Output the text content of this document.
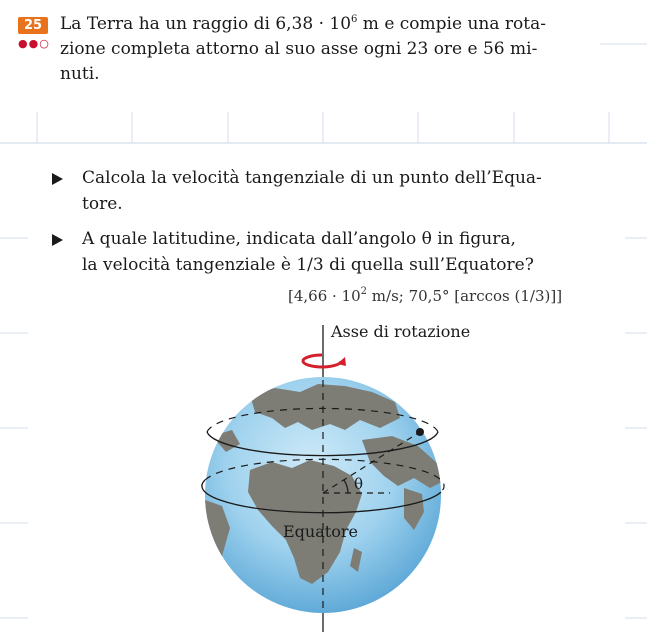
25
●●○
La Terra ha un raggio di $6,38 \cdot 10^6$ m e compie una rota-
zione completa attorno al suo asse ogni 23 ore e 56 mi-
nuti.
Calcola la velocità tangenziale di un punto dell’Equa-
tore.
A quale latitudine, indicata dall’angolo θ in figura,
la velocità tangenziale è 1/3 di quella sull’Equatore?
[$4,66 \cdot 10^2$ m/s; 70,5° [arccos (1/3)]]
Asse di rotazione
θ
Equatore
